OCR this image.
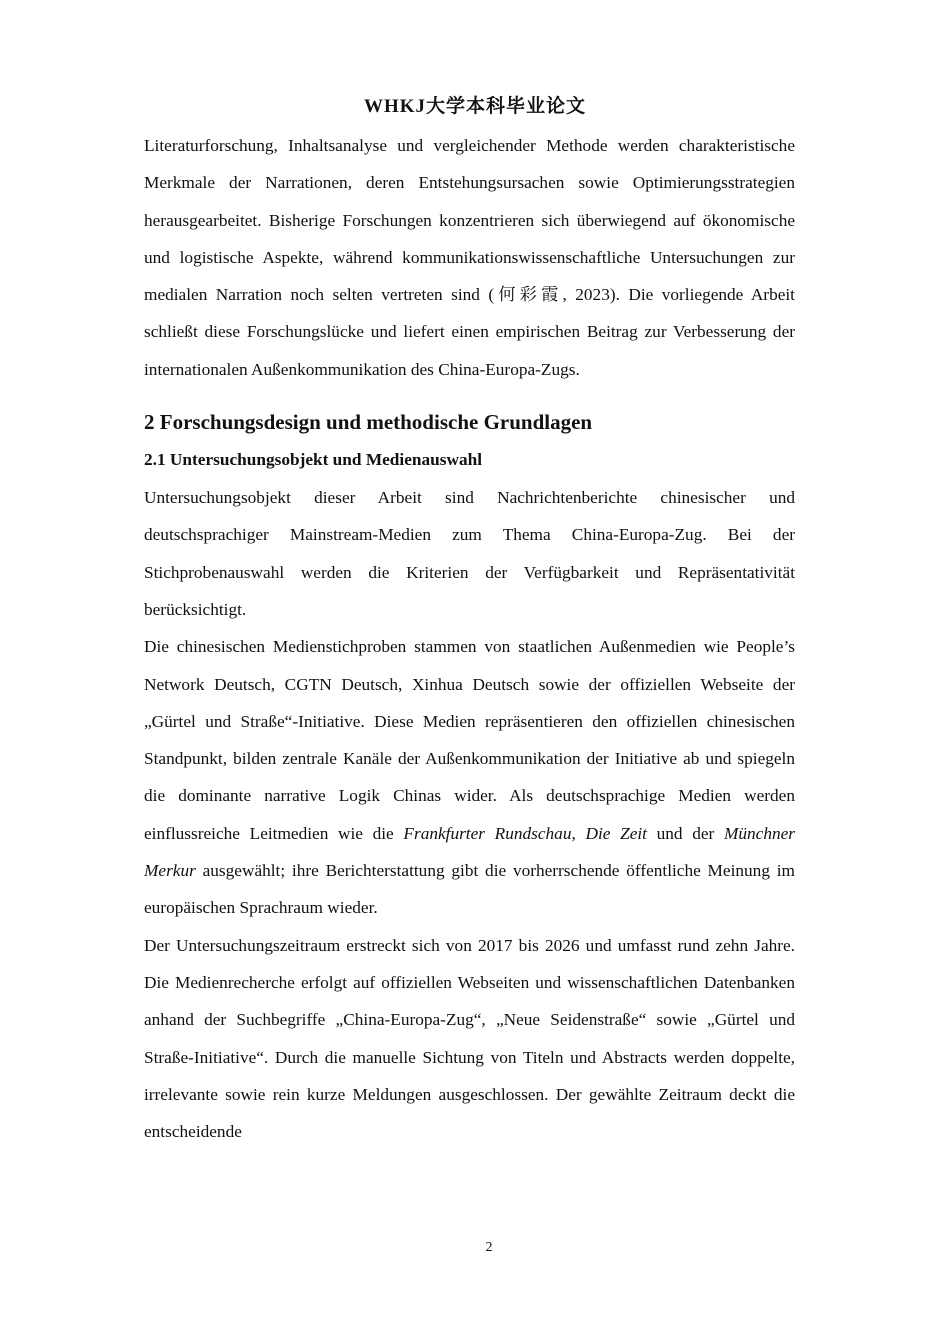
WHKJ大学本科毕业论文

Literaturforschung, Inhaltsanalyse und vergleichender Methode werden charakteristische Merkmale der Narrationen, deren Entstehungsursachen sowie Optimierungsstrategien herausgearbeitet. Bisherige Forschungen konzentrieren sich überwiegend auf ökonomische und logistische Aspekte, während kommunikationswissenschaftliche Untersuchungen zur medialen Narration noch selten vertreten sind (何彩霞, 2023). Die vorliegende Arbeit schließt diese Forschungslücke und liefert einen empirischen Beitrag zur Verbesserung der internationalen Außenkommunikation des China-Europa-Zugs.

2 Forschungsdesign und methodische Grundlagen
2.1 Untersuchungsobjekt und Medienauswahl

Untersuchungsobjekt dieser Arbeit sind Nachrichtenberichte chinesischer und deutschsprachiger Mainstream-Medien zum Thema China-Europa-Zug. Bei der Stichprobenauswahl werden die Kriterien der Verfügbarkeit und Repräsentativität berücksichtigt.

Die chinesischen Medienstichproben stammen von staatlichen Außenmedien wie People’s Network Deutsch, CGTN Deutsch, Xinhua Deutsch sowie der offiziellen Webseite der „Gürtel und Straße“-Initiative. Diese Medien repräsentieren den offiziellen chinesischen Standpunkt, bilden zentrale Kanäle der Außenkommunikation der Initiative ab und spiegeln die dominante narrative Logik Chinas wider. Als deutschsprachige Medien werden einflussreiche Leitmedien wie die Frankfurter Rundschau, Die Zeit und der Münchner Merkur ausgewählt; ihre Berichterstattung gibt die vorherrschende öffentliche Meinung im europäischen Sprachraum wieder.

Der Untersuchungszeitraum erstreckt sich von 2017 bis 2026 und umfasst rund zehn Jahre. Die Medienrecherche erfolgt auf offiziellen Webseiten und wissenschaftlichen Datenbanken anhand der Suchbegriffe „China-Europa-Zug“, „Neue Seidenstraße“ sowie „Gürtel und Straße-Initiative“. Durch die manuelle Sichtung von Titeln und Abstracts werden doppelte, irrelevante sowie rein kurze Meldungen ausgeschlossen. Der gewählte Zeitraum deckt die entscheidende

2
